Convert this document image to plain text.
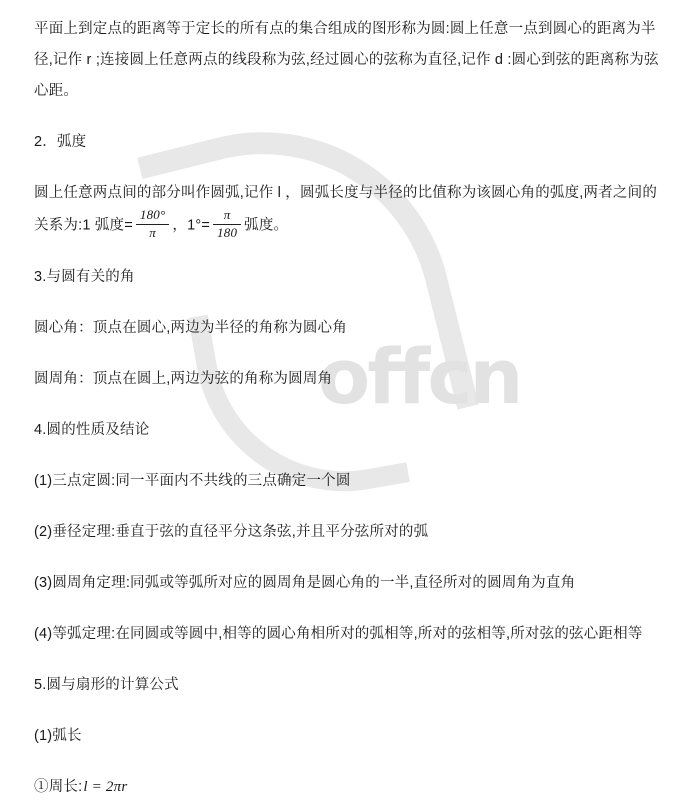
offcn

平面上到定点的距离等于定长的所有点的集合组成的图形称为圆:圆上任意一点到圆心的距离为半径,记作 r ;连接圆上任意两点的线段称为弦,经过圆心的弦称为直径,记作 d :圆心到弦的距离称为弦心距。

2．弧度

圆上任意两点间的部分叫作圆弧,记作 l ，圆弧长度与半径的比值称为该圆心角的弧度,两者之间的关系为:1 弧度= $\frac{180^\circ}{\pi}$ ，$1^\circ= \frac{\pi}{180}$ 弧度。

3.与圆有关的角

圆心角：顶点在圆心,两边为半径的角称为圆心角

圆周角：顶点在圆上,两边为弦的角称为圆周角

4.圆的性质及结论

(1)三点定圆:同一平面内不共线的三点确定一个圆

(2)垂径定理:垂直于弦的直径平分这条弦,并且平分弦所对的弧

(3)圆周角定理:同弧或等弧所对应的圆周角是圆心角的一半,直径所对的圆周角为直角

(4)等弧定理:在同圆或等圆中,相等的圆心角相所对的弧相等,所对的弦相等,所对弦的弦心距相等

5.圆与扇形的计算公式

(1)弧长

①周长:l = 2πr
